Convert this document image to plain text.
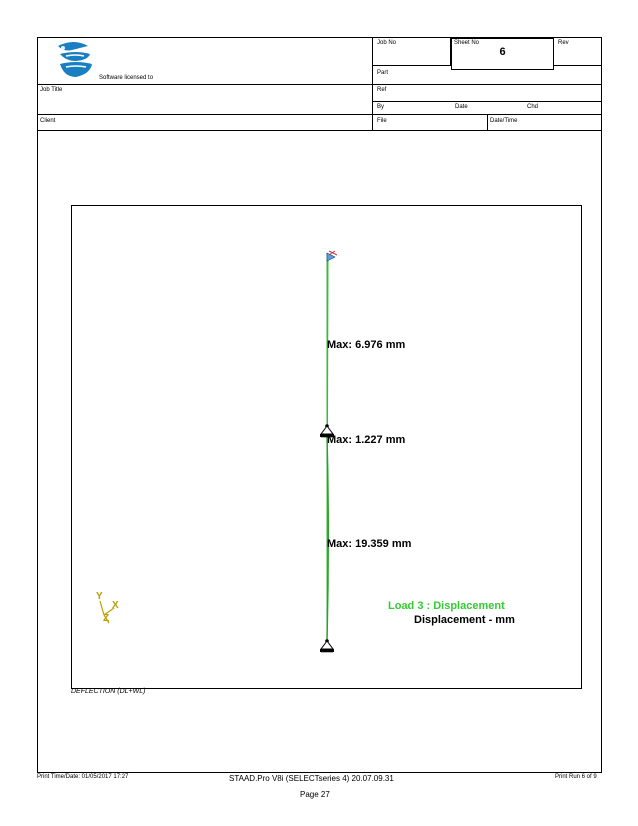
Software licensed to
Job No	Sheet No
6
Rev
Part
Job Title	Ref
By	Date	Chd
Client	File	Date/Time
Y
X
Z
Max: 6.976 mm
Max: 1.227 mm
Max: 19.359 mm
Load 3 : Displacement
Displacement - mm
DEFLECTION (DL+WL)
Print Time/Date: 01/05/2017 17:27	STAAD.Pro V8i (SELECTseries 4) 20.07.09.31	Print Run 6 of 9
Page 27
